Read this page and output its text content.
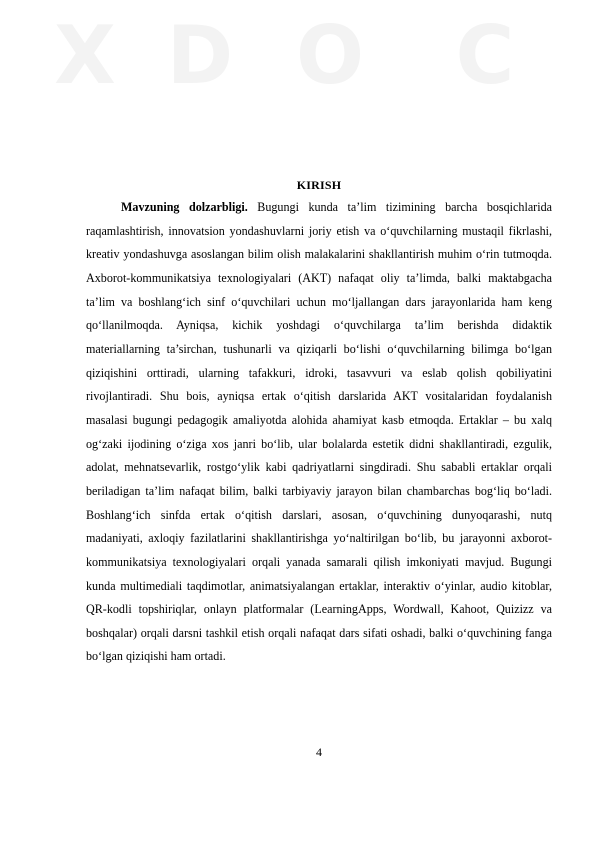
X D O	C
KIRISH

Mavzuning dolzarbligi. Bugungi kunda ta’lim tizimining barcha bosqichlarida raqamlashtirish, innovatsion yondashuvlarni joriy etish va o‘quvchilarning mustaqil fikrlashi, kreativ yondashuvga asoslangan bilim olish malakalarini shakllantirish muhim o‘rin tutmoqda. Axborot-kommunikatsiya texnologiyalari (AKT) nafaqat oliy ta’limda, balki maktabgacha ta’lim va boshlang‘ich sinf o‘quvchilari uchun mo‘ljallangan dars jarayonlarida ham keng qo‘llanilmoqda. Ayniqsa, kichik yoshdagi o‘quvchilarga ta’lim berishda didaktik materiallarning ta’sirchan, tushunarli va qiziqarli bo‘lishi o‘quvchilarning bilimga bo‘lgan qiziqishini orttiradi, ularning tafakkuri, idroki, tasavvuri va eslab qolish qobiliyatini rivojlantiradi. Shu bois, ayniqsa ertak o‘qitish darslarida AKT vositalaridan foydalanish masalasi bugungi pedagogik amaliyotda alohida ahamiyat kasb etmoqda. Ertaklar – bu xalq og‘zaki ijodining o‘ziga xos janri bo‘lib, ular bolalarda estetik didni shakllantiradi, ezgulik, adolat, mehnatsevarlik, rostgo‘ylik kabi qadriyatlarni singdiradi. Shu sababli ertaklar orqali beriladigan ta’lim nafaqat bilim, balki tarbiyaviy jarayon bilan chambarchas bog‘liq bo‘ladi. Boshlang‘ich sinfda ertak o‘qitish darslari, asosan, o‘quvchining dunyoqarashi, nutq madaniyati, axloqiy fazilatlarini shakllantirishga yo‘naltirilgan bo‘lib, bu jarayonni axborot-kommunikatsiya texnologiyalari orqali yanada samarali qilish imkoniyati mavjud. Bugungi kunda multimediali taqdimotlar, animatsiyalangan ertaklar, interaktiv o‘yinlar, audio kitoblar, QR-kodli topshiriqlar, onlayn platformalar (LearningApps, Wordwall, Kahoot, Quizizz va boshqalar) orqali darsni tashkil etish orqali nafaqat dars sifati oshadi, balki o‘quvchining fanga bo‘lgan qiziqishi ham ortadi.

4
